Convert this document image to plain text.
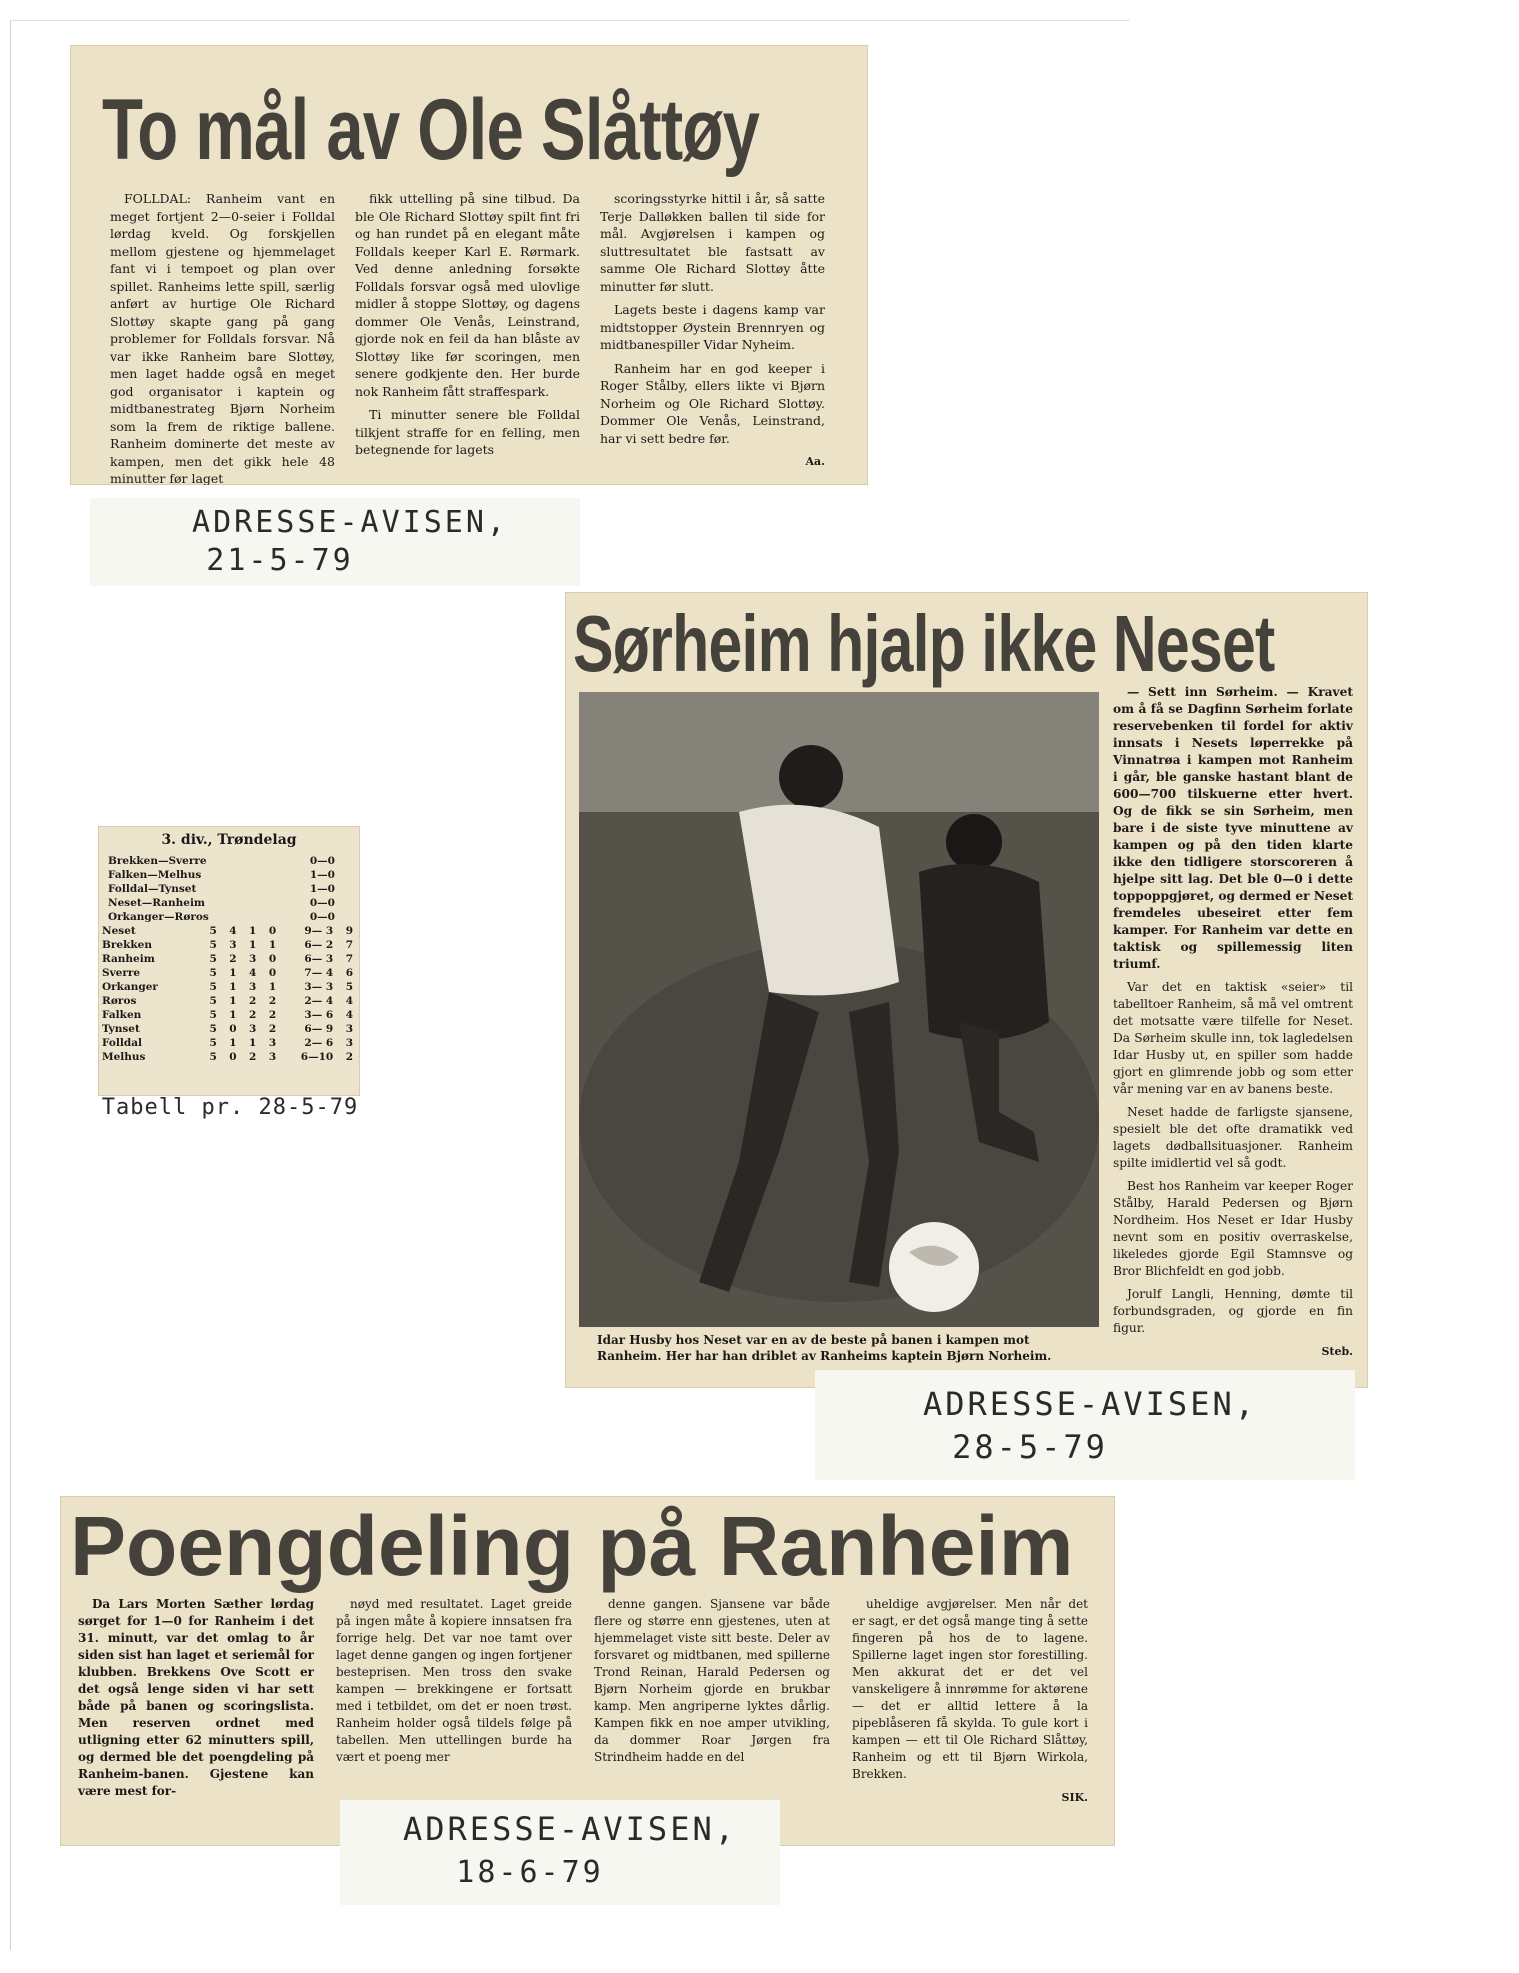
To mål av Ole Slåttøy

FOLLDAL: Ranheim vant en meget fortjent 2—0-seier i Folldal lørdag kveld. Og forskjellen mellom gjestene og hjemmelaget fant vi i tempoet og plan over spillet. Ranheims lette spill, særlig anført av hurtige Ole Richard Slottøy skapte gang på gang problemer for Folldals forsvar. Nå var ikke Ranheim bare Slottøy, men laget hadde også en meget god organisator i kaptein og midtbanestrateg Bjørn Norheim som la frem de riktige ballene. Ranheim dominerte det meste av kampen, men det gikk hele 48 minutter før laget

fikk uttelling på sine tilbud. Da ble Ole Richard Slottøy spilt fint fri og han rundet på en elegant måte Folldals keeper Karl E. Rørmark. Ved denne anledning forsøkte Folldals forsvar også med ulovlige midler å stoppe Slottøy, og dagens dommer Ole Venås, Leinstrand, gjorde nok en feil da han blåste av Slottøy like før scoringen, men senere godkjente den. Her burde nok Ranheim fått straffespark.

Ti minutter senere ble Folldal tilkjent straffe for en felling, men betegnende for lagets

scoringsstyrke hittil i år, så satte Terje Dalløkken ballen til side for mål. Avgjørelsen i kampen og sluttresultatet ble fastsatt av samme Ole Richard Slottøy åtte minutter før slutt.

Lagets beste i dagens kamp var midtstopper Øystein Brennryen og midtbanespiller Vidar Nyheim.

Ranheim har en god keeper i Roger Stålby, ellers likte vi Bjørn Norheim og Ole Richard Slottøy. Dommer Ole Venås, Leinstrand, har vi sett bedre før.

Aa.
ADRESSE-AVISEN,
21-5-79
3. div., Trøndelag
Brekken—Sverre	0—0
Falken—Melhus	1—0
Folldal—Tynset	1—0
Neset—Ranheim	0—0
Orkanger—Røros	0—0
Neset	5	4	1	0	9— 3	9
Brekken	5	3	1	1	6— 2	7
Ranheim	5	2	3	0	6— 3	7
Sverre	5	1	4	0	7— 4	6
Orkanger	5	1	3	1	3— 3	5
Røros	5	1	2	2	2— 4	4
Falken	5	1	2	2	3— 6	4
Tynset	5	0	3	2	6— 9	3
Folldal	5	1	1	3	2— 6	3
Melhus	5	0	2	3	6—10	2
Tabell pr. 28-5-79
Sørheim hjalp ikke Neset
Idar Husby hos Neset var en av de beste på banen i kampen mot Ranheim. Her har han driblet av Ranheims kaptein Bjørn Norheim.

— Sett inn Sørheim. — Kravet om å få se Dagfinn Sørheim forlate reservebenken til fordel for aktiv innsats i Nesets løperrekke på Vinnatrøa i kampen mot Ranheim i går, ble ganske hastant blant de 600—700 tilskuerne etter hvert. Og de fikk se sin Sørheim, men bare i de siste tyve minuttene av kampen og på den tiden klarte ikke den tidligere storscoreren å hjelpe sitt lag. Det ble 0—0 i dette toppoppgjøret, og dermed er Neset fremdeles ubeseiret etter fem kamper. For Ranheim var dette en taktisk og spillemessig liten triumf.

Var det en taktisk «seier» til tabelltoer Ranheim, så må vel omtrent det motsatte være tilfelle for Neset. Da Sørheim skulle inn, tok lagledelsen Idar Husby ut, en spiller som hadde gjort en glimrende jobb og som etter vår mening var en av banens beste.

Neset hadde de farligste sjansene, spesielt ble det ofte dramatikk ved lagets dødballsituasjoner. Ranheim spilte imidlertid vel så godt.

Best hos Ranheim var keeper Roger Stålby, Harald Pedersen og Bjørn Nordheim. Hos Neset er Idar Husby nevnt som en positiv overraskelse, likeledes gjorde Egil Stamnsve og Bror Blichfeldt en god jobb.

Jorulf Langli, Henning, dømte til forbundsgraden, og gjorde en fin figur.

Steb.
ADRESSE-AVISEN,
28-5-79
Poengdeling på Ranheim

Da Lars Morten Sæther lørdag sørget for 1—0 for Ranheim i det 31. minutt, var det omlag to år siden sist han laget et seriemål for klubben. Brekkens Ove Scott er det også lenge siden vi har sett både på banen og scoringslista. Men reserven ordnet med utligning etter 62 minutters spill, og dermed ble det poengdeling på Ranheim-banen. Gjestene kan være mest for-

nøyd med resultatet. Laget greide på ingen måte å kopiere innsatsen fra forrige helg. Det var noe tamt over laget denne gangen og ingen fortjener besteprisen. Men tross den svake kampen — brekkingene er fortsatt med i tetbildet, om det er noen trøst. Ranheim holder også tildels følge på tabellen. Men uttellingen burde ha vært et poeng mer

denne gangen. Sjansene var både flere og større enn gjestenes, uten at hjemmelaget viste sitt beste. Deler av forsvaret og midtbanen, med spillerne Trond Reinan, Harald Pedersen og Bjørn Norheim gjorde en brukbar kamp. Men angriperne lyktes dårlig. Kampen fikk en noe amper utvikling, da dommer Roar Jørgen fra Strindheim hadde en del

uheldige avgjørelser. Men når det er sagt, er det også mange ting å sette fingeren på hos de to lagene. Spillerne laget ingen stor forestilling. Men akkurat det er det vel vanskeligere å innrømme for aktørene — det er alltid lettere å la pipeblåseren få skylda. To gule kort i kampen — ett til Ole Richard Slåttøy, Ranheim og ett til Bjørn Wirkola, Brekken.

SIK.
ADRESSE-AVISEN,
18-6-79
